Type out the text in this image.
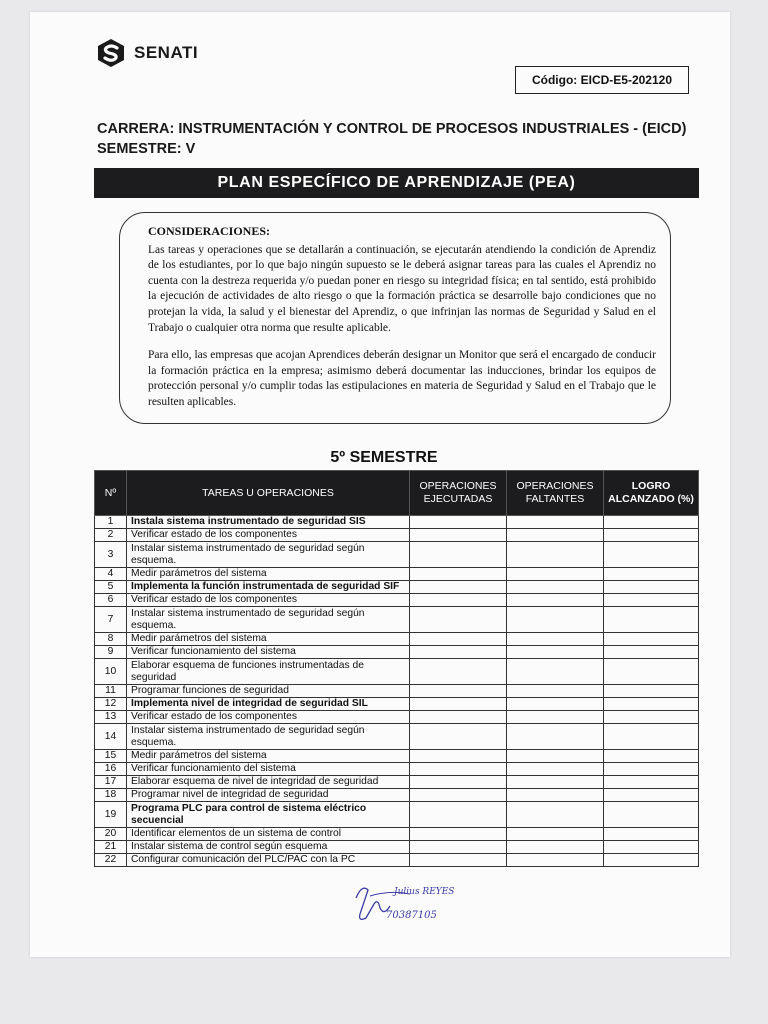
SENATI
Código: EICD-E5-202120
CARRERA: INSTRUMENTACIÓN Y CONTROL DE PROCESOS INDUSTRIALES - (EICD)
SEMESTRE: V
PLAN ESPECÍFICO DE APRENDIZAJE (PEA)
CONSIDERACIONES:

Las tareas y operaciones que se detallarán a continuación, se ejecutarán atendiendo la condición de Aprendiz de los estudiantes, por lo que bajo ningún supuesto se le deberá asignar tareas para las cuales el Aprendiz no cuenta con la destreza requerida y/o puedan poner en riesgo su integridad física; en tal sentido, está prohibido la ejecución de actividades de alto riesgo o que la formación práctica se desarrolle bajo condiciones que no protejan la vida, la salud y el bienestar del Aprendiz, o que infrinjan las normas de Seguridad y Salud en el Trabajo o cualquier otra norma que resulte aplicable.

Para ello, las empresas que acojan Aprendices deberán designar un Monitor que será el encargado de conducir la formación práctica en la empresa; asimismo deberá documentar las inducciones, brindar los equipos de protección personal y/o cumplir todas las estipulaciones en materia de Seguridad y Salud en el Trabajo que le resulten aplicables.

5º SEMESTRE
Nº	TAREAS U OPERACIONES	OPERACIONES EJECUTADAS	OPERACIONES FALTANTES	LOGRO ALCANZADO (%)
1	Instala sistema instrumentado de seguridad SIS			
2	Verificar estado de los componentes			
3	Instalar sistema instrumentado de seguridad según esquema.			
4	Medir parámetros del sistema			
5	Implementa la función instrumentada de seguridad SIF			
6	Verificar estado de los componentes			
7	Instalar sistema instrumentado de seguridad según esquema.			
8	Medir parámetros del sistema			
9	Verificar funcionamiento del sistema			
10	Elaborar esquema de funciones instrumentadas de seguridad			
11	Programar funciones de seguridad			
12	Implementa nivel de integridad de seguridad SIL			
13	Verificar estado de los componentes			
14	Instalar sistema instrumentado de seguridad según esquema.			
15	Medir parámetros del sistema			
16	Verificar funcionamiento del sistema			
17	Elaborar esquema de nivel de integridad de seguridad			
18	Programar nivel de integridad de seguridad			
19	Programa PLC para control de sistema eléctrico secuencial			
20	Identificar elementos de un sistema de control			
21	Instalar sistema de control según esquema			
22	Configurar comunicación del PLC/PAC con la PC			
Julius REYES
70387105
